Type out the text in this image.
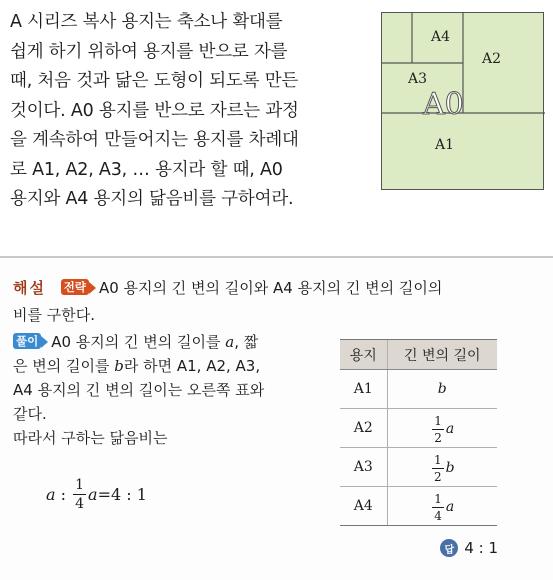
A 시리즈 복사 용지는 축소나 확대를
쉽게 하기 위하여 용지를 반으로 자를
때, 처음 것과 닮은 도형이 되도록 만든
것이다. A0 용지를 반으로 자르는 과정
을 계속하여 만들어지는 용지를 차례대
로 A1, A2, A3, … 용지라 할 때, A0
용지와 A4 용지의 닮음비를 구하여라.
A4
A3
A2
A1
A0
해설 전략 A0 용지의 긴 변의 길이와 A4 용지의 긴 변의 길이의
비를 구한다.
풀이 A0 용지의 긴 변의 길이를 a, 짧
은 변의 길이를 b라 하면 A1, A2, A3,
A4 용지의 긴 변의 길이는 오른쪽 표와
같다.
따라서 구하는 닮음비는
a : $\frac{1}{4}$ a =4 : 1
용지	긴 변의 길이
A1	b
A2	$\frac{1}{2}$ a

A3	$\frac{1}{2}$ b

A4	$\frac{1}{4}$ a
답 4 : 1
